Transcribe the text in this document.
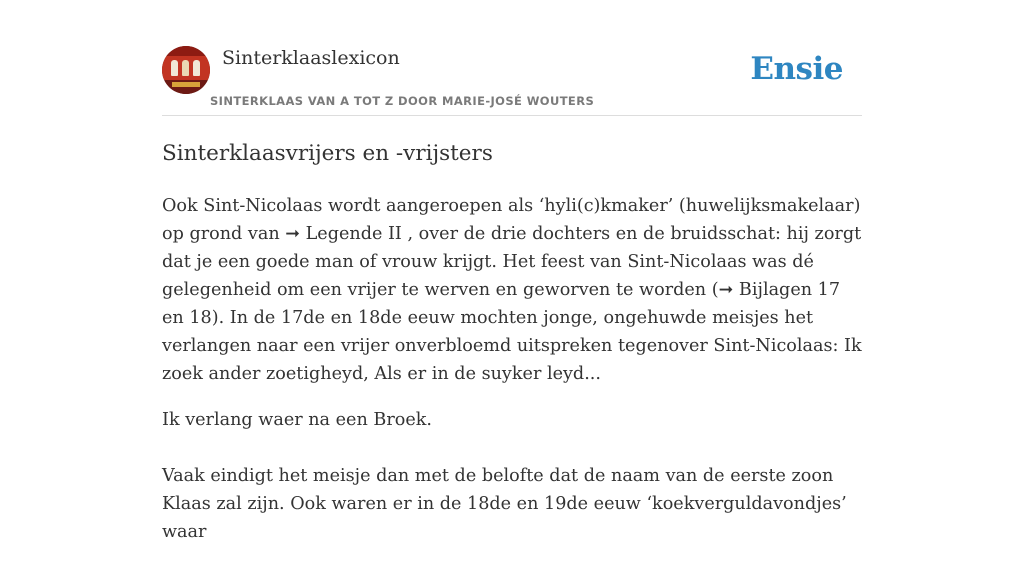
Sinterklaaslexicon
SINTERKLAAS VAN A TOT Z DOOR MARIE-JOSÉ WOUTERS
Ensie
Sinterklaasvrijers en -vrijsters

Ook Sint-Nicolaas wordt aangeroepen als ‘hyli(c)kmaker’ (huwelijksmakelaar) op grond van ➞ Legende II , over de drie dochters en de bruidsschat: hij zorgt dat je een goede man of vrouw krijgt. Het feest van Sint-Nicolaas was dé gelegenheid om een vrijer te werven en geworven te worden (➞ Bijlagen 17 en 18). In de 17de en 18de eeuw mochten jonge, ongehuwde meisjes het verlangen naar een vrijer onverbloemd uitspreken tegenover Sint-Nicolaas: Ik zoek ander zoetigheyd, Als er in de suyker leyd...

Ik verlang waer na een Broek.

Vaak eindigt het meisje dan met de belofte dat de naam van de eerste zoon Klaas zal zijn. Ook waren er in de 18de en 19de eeuw ‘koekverguldavondjes’ waar
